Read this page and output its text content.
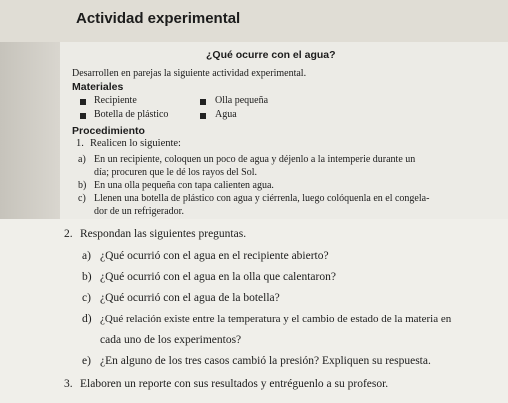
Actividad experimental
¿Qué ocurre con el agua?
Desarrollen en parejas la siguiente actividad experimental.
Materiales
Recipiente	Olla pequeña
Botella de plástico	Agua
Procedimiento
1. Realicen lo siguiente:
a) En un recipiente, coloquen un poco de agua y déjenlo a la intemperie durante un
día; procuren que le dé los rayos del Sol.
b) En una olla pequeña con tapa calienten agua.
c) Llenen una botella de plástico con agua y ciérrenla, luego colóquenla en el congela-
dor de un refrigerador.
2. Respondan las siguientes preguntas.
a) ¿Qué ocurrió con el agua en el recipiente abierto?
b) ¿Qué ocurrió con el agua en la olla que calentaron?
c) ¿Qué ocurrió con el agua de la botella?
d) ¿Qué relación existe entre la temperatura y el cambio de estado de la materia en
cada uno de los experimentos?
e) ¿En alguno de los tres casos cambió la presión? Expliquen su respuesta.
3. Elaboren un reporte con sus resultados y entréguenlo a su profesor.
